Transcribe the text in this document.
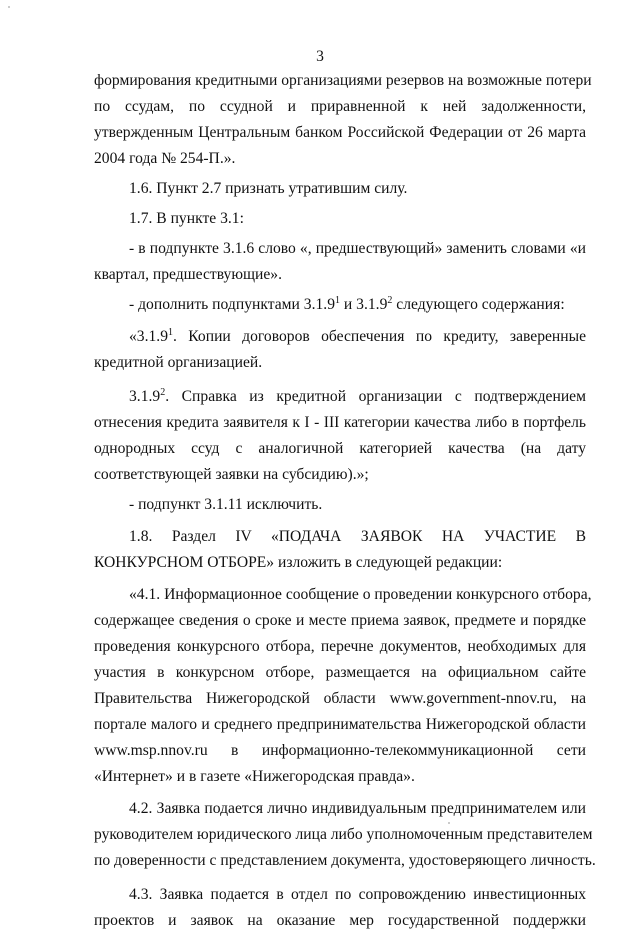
3
формирования кредитными организациями резервов на возможные потери
по ссудам, по ссудной и приравненной к ней задолженности,
утвержденным Центральным банком Российской Федерации от 26 марта
2004 года № 254-П.».
1.6. Пункт 2.7 признать утратившим силу.
1.7. В пункте 3.1:
- в подпункте 3.1.6 слово «, предшествующий» заменить словами «и
квартал, предшествующие».
- дополнить подпунктами 3.1.9$^1$ и 3.1.9$^2$ следующего содержания:
«3.1.9$^1$. Копии договоров обеспечения по кредиту, заверенные
кредитной организацией.
3.1.9$^2$. Справка из кредитной организации с подтверждением
отнесения кредита заявителя к I - III категории качества либо в портфель
однородных ссуд с аналогичной категорией качества (на дату
соответствующей заявки на субсидию).»;
- подпункт 3.1.11 исключить.
1.8. Раздел IV «ПОДАЧА ЗАЯВОК НА УЧАСТИЕ В
КОНКУРСНОМ ОТБОРЕ» изложить в следующей редакции:
«4.1. Информационное сообщение о проведении конкурсного отбора,
содержащее сведения о сроке и месте приема заявок, предмете и порядке
проведения конкурсного отбора, перечне документов, необходимых для
участия в конкурсном отборе, размещается на официальном сайте
Правительства Нижегородской области www.government-nnov.ru, на
портале малого и среднего предпринимательства Нижегородской области
www.msp.nnov.ru в информационно-телекоммуникационной сети
«Интернет» и в газете «Нижегородская правда».
4.2. Заявка подается лично индивидуальным предпринимателем или
руководителем юридического лица либо уполномоченным представителем
по доверенности с представлением документа, удостоверяющего личность.
4.3. Заявка подается в отдел по сопровождению инвестиционных
проектов и заявок на оказание мер государственной поддержки
